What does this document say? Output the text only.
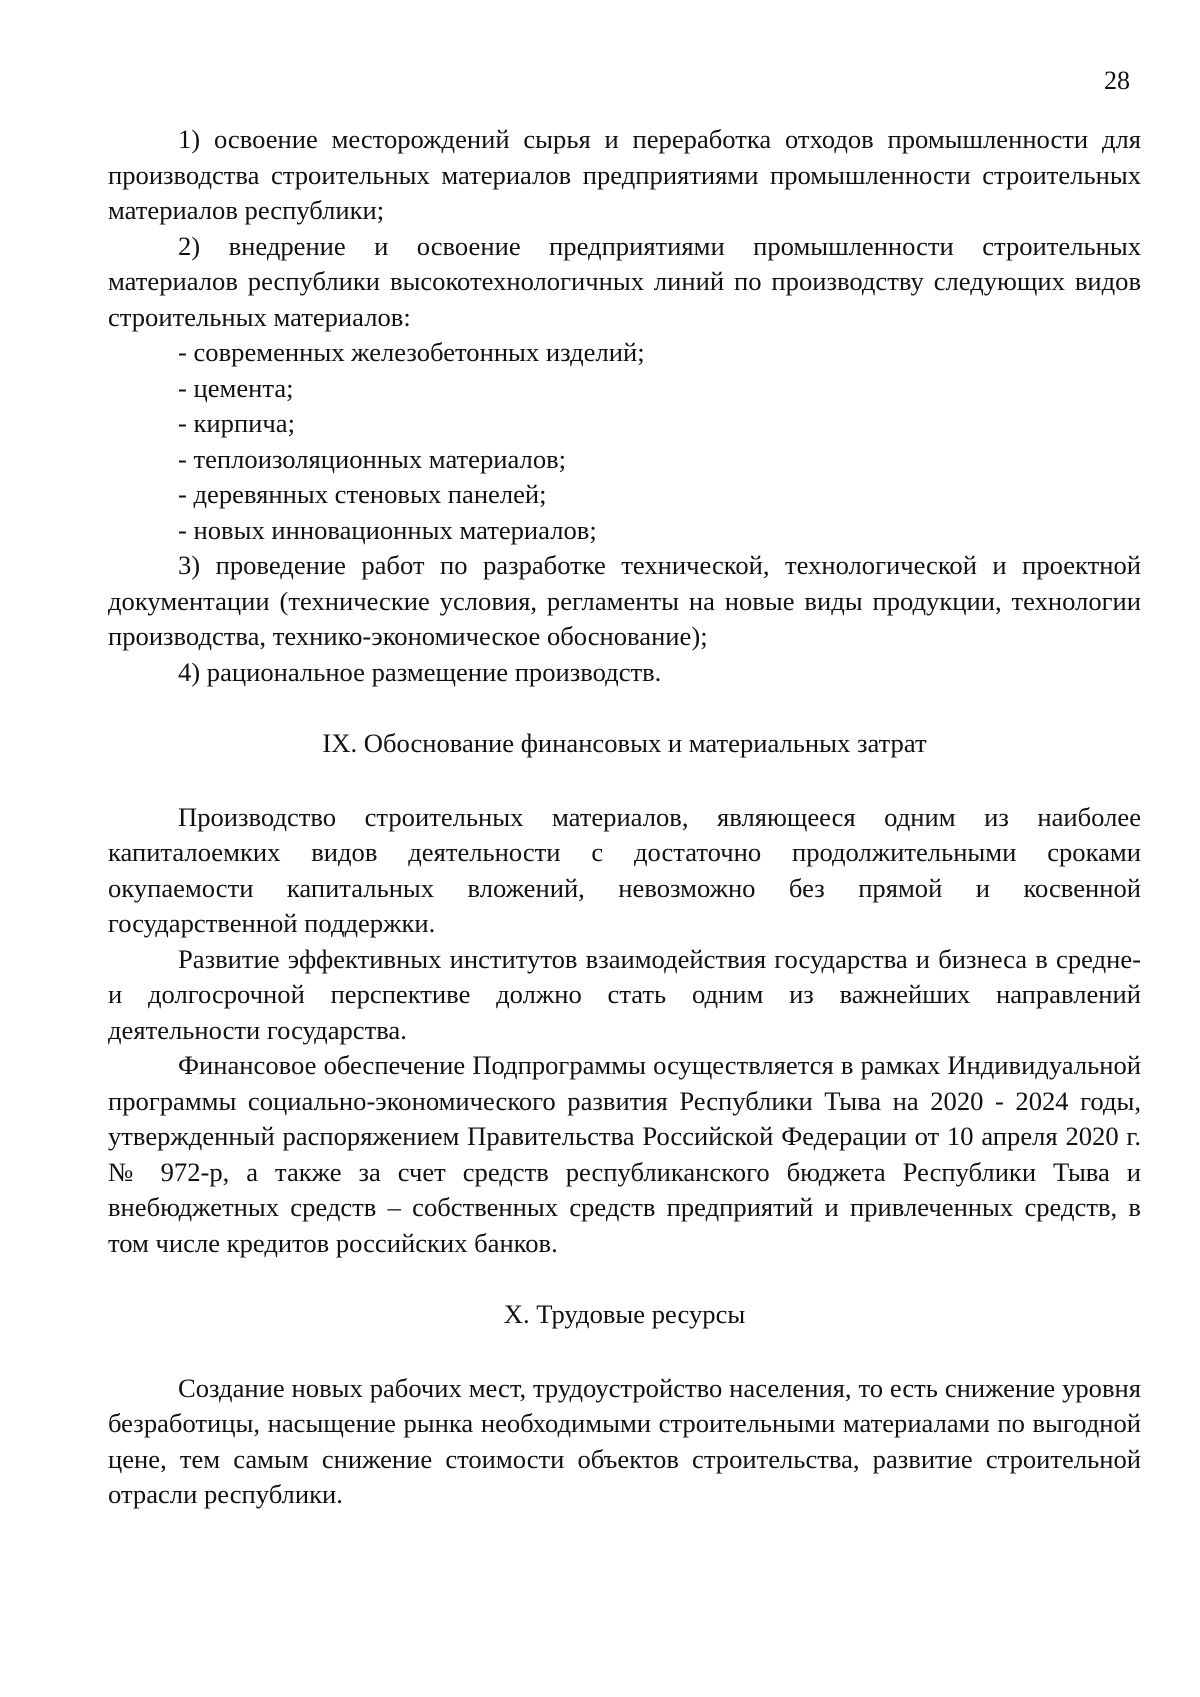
28

1) освоение месторождений сырья и переработка отходов промышленности для производства строительных материалов предприятиями промышленности строительных материалов республики;

2) внедрение и освоение предприятиями промышленности строительных материалов республики высокотехнологичных линий по производству следующих видов строительных материалов:

- современных железобетонных изделий;

- цемента;

- кирпича;

- теплоизоляционных материалов;

- деревянных стеновых панелей;

- новых инновационных материалов;

3) проведение работ по разработке технической, технологической и проектной документации (технические условия, регламенты на новые виды продукции, технологии производства, технико-экономическое обоснование);

4) рациональное размещение производств.

IX. Обоснование финансовых и материальных затрат

Производство строительных материалов, являющееся одним из наиболее капиталоемких видов деятельности с достаточно продолжительными сроками окупаемости капитальных вложений, невозможно без прямой и косвенной государственной поддержки.

Развитие эффективных институтов взаимодействия государства и бизнеса в средне- и долгосрочной перспективе должно стать одним из важнейших направлений деятельности государства.

Финансовое обеспечение Подпрограммы осуществляется в рамках Индивидуальной программы социально-экономического развития Республики Тыва на 2020 - 2024 годы, утвержденный распоряжением Правительства Российской Федерации от 10 апреля 2020 г. № 972-р, а также за счет средств республиканского бюджета Республики Тыва и внебюджетных средств – собственных средств предприятий и привлеченных средств, в том числе кредитов российских банков.

X. Трудовые ресурсы

Создание новых рабочих мест, трудоустройство населения, то есть снижение уровня безработицы, насыщение рынка необходимыми строительными материалами по выгодной цене, тем самым снижение стоимости объектов строительства, развитие строительной отрасли республики.
